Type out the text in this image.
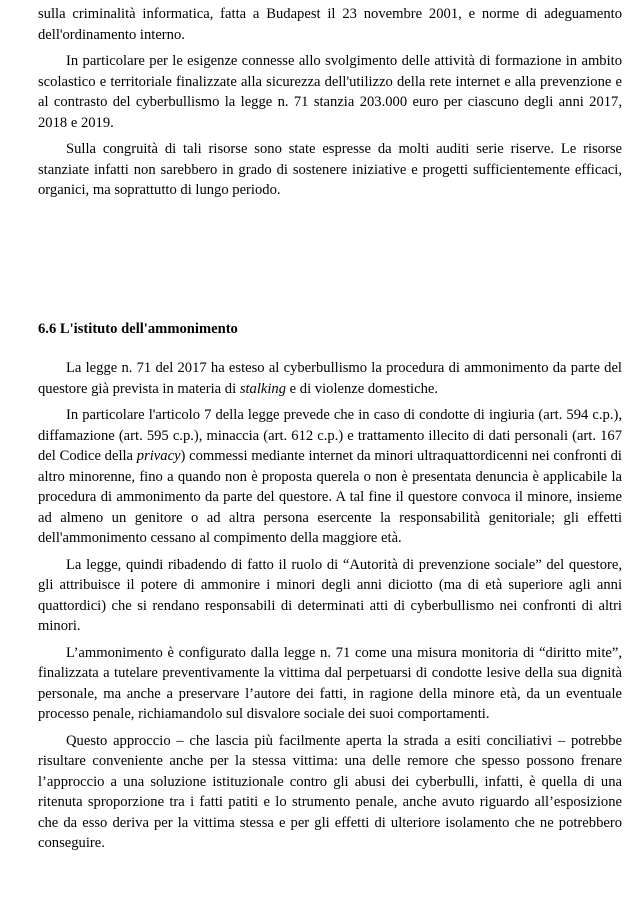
sulla criminalità informatica, fatta a Budapest il 23 novembre 2001, e norme di adeguamento dell'ordinamento interno.

In particolare per le esigenze connesse allo svolgimento delle attività di formazione in ambito scolastico e territoriale finalizzate alla sicurezza dell'utilizzo della rete internet e alla prevenzione e al contrasto del cyberbullismo la legge n. 71 stanzia 203.000 euro per ciascuno degli anni 2017, 2018 e 2019.

Sulla congruità di tali risorse sono state espresse da molti auditi serie riserve. Le risorse stanziate infatti non sarebbero in grado di sostenere iniziative e progetti sufficientemente efficaci, organici, ma soprattutto di lungo periodo.

6.6 L'istituto dell'ammonimento

La legge n. 71 del 2017 ha esteso al cyberbullismo la procedura di ammonimento da parte del questore già prevista in materia di stalking e di violenze domestiche.

In particolare l'articolo 7 della legge prevede che in caso di condotte di ingiuria (art. 594 c.p.), diffamazione (art. 595 c.p.), minaccia (art. 612 c.p.) e trattamento illecito di dati personali (art. 167 del Codice della privacy) commessi mediante internet da minori ultraquattordicenni nei confronti di altro minorenne, fino a quando non è proposta querela o non è presentata denuncia è applicabile la procedura di ammonimento da parte del questore. A tal fine il questore convoca il minore, insieme ad almeno un genitore o ad altra persona esercente la responsabilità genitoriale; gli effetti dell'ammonimento cessano al compimento della maggiore età.

La legge, quindi ribadendo di fatto il ruolo di “Autorità di prevenzione sociale” del questore, gli attribuisce il potere di ammonire i minori degli anni diciotto (ma di età superiore agli anni quattordici) che si rendano responsabili di determinati atti di cyberbullismo nei confronti di altri minori.

L’ammonimento è configurato dalla legge n. 71 come una misura monitoria di “diritto mite”, finalizzata a tutelare preventivamente la vittima dal perpetuarsi di condotte lesive della sua dignità personale, ma anche a preservare l’autore dei fatti, in ragione della minore età, da un eventuale processo penale, richiamandolo sul disvalore sociale dei suoi comportamenti.

Questo approccio – che lascia più facilmente aperta la strada a esiti conciliativi – potrebbe risultare conveniente anche per la stessa vittima: una delle remore che spesso possono frenare l’approccio a una soluzione istituzionale contro gli abusi dei cyberbulli, infatti, è quella di una ritenuta sproporzione tra i fatti patiti e lo strumento penale, anche avuto riguardo all’esposizione che da esso deriva per la vittima stessa e per gli effetti di ulteriore isolamento che ne potrebbero conseguire.
